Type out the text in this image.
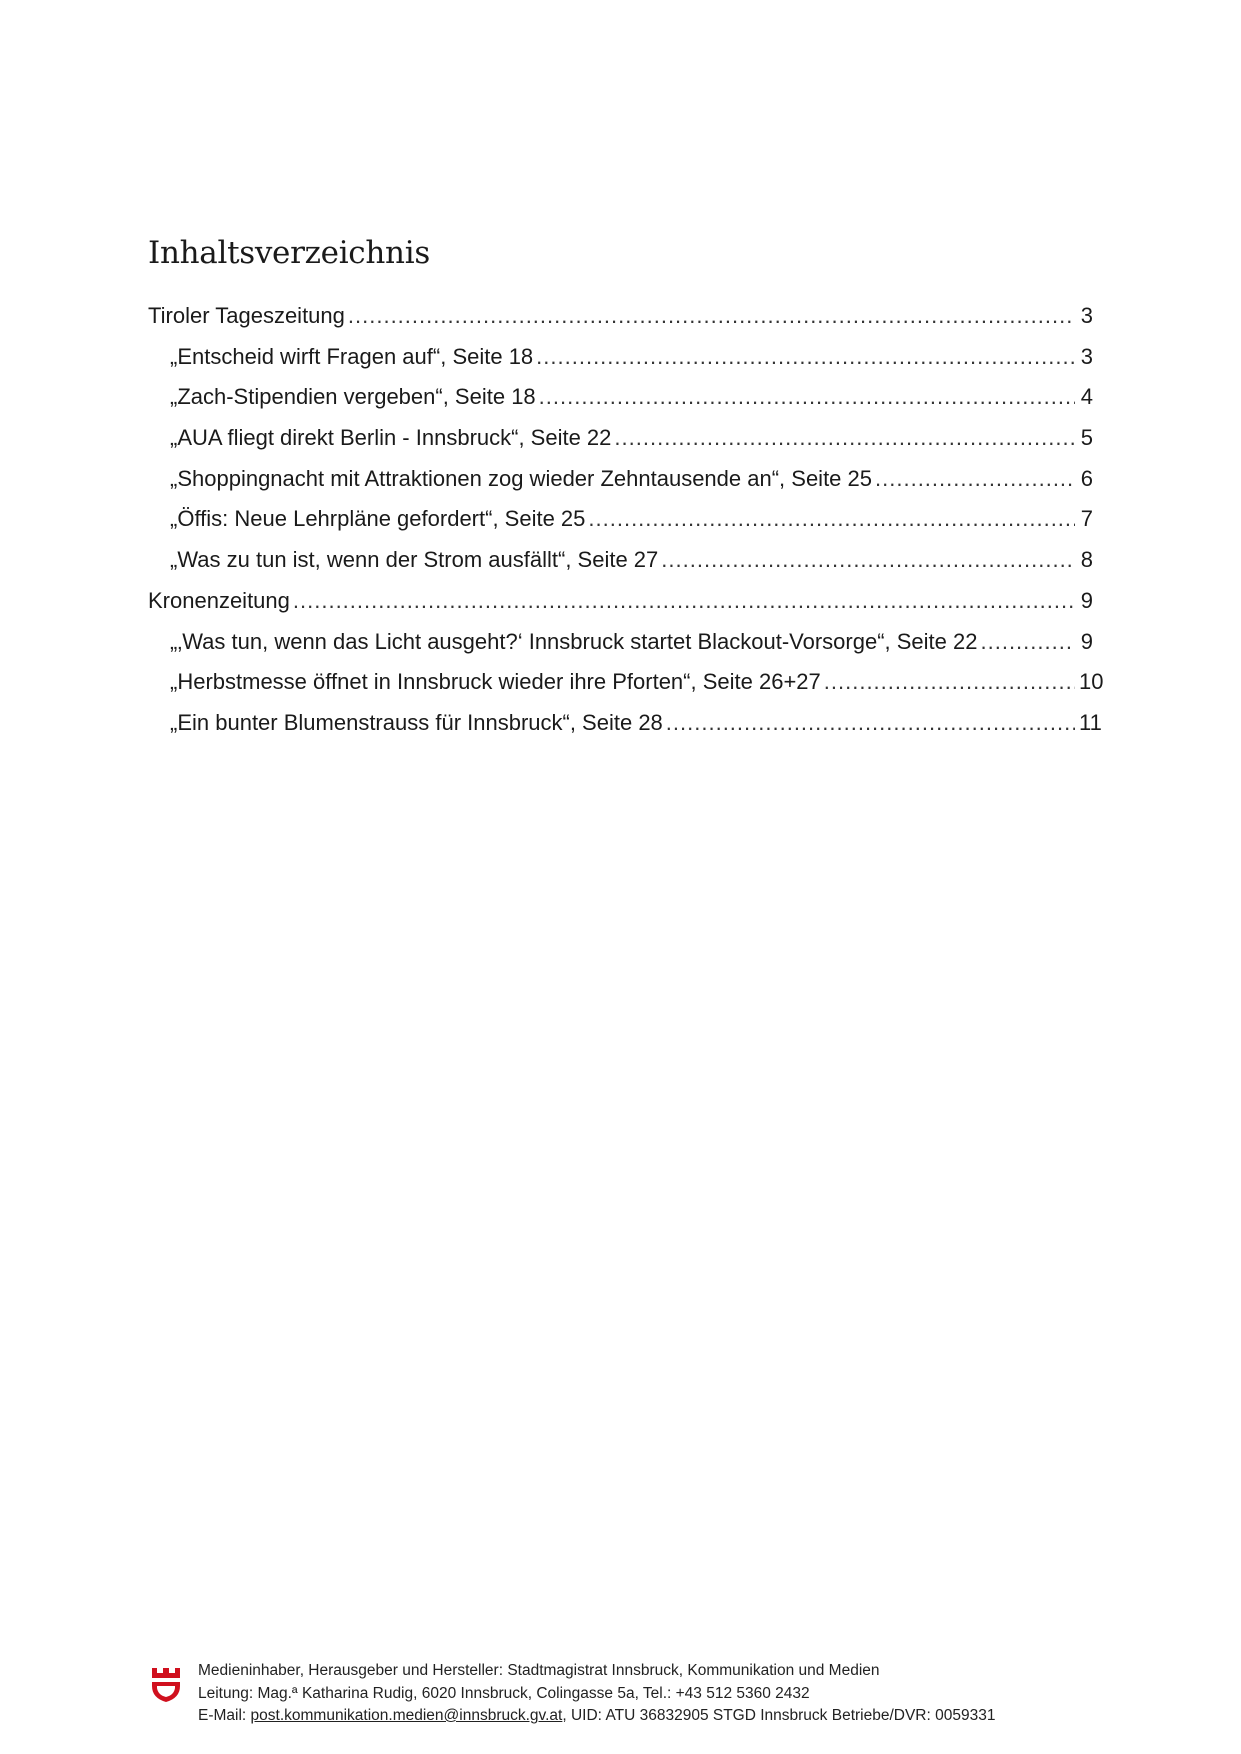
Inhaltsverzeichnis
Tiroler Tageszeitung .....	3
„Entscheid wirft Fragen auf“, Seite 18 .....	3
„Zach-Stipendien vergeben“, Seite 18 .....	4
„AUA fliegt direkt Berlin - Innsbruck“, Seite 22 .....	5
„Shoppingnacht mit Attraktionen zog wieder Zehntausende an“, Seite 25 .....	6
„Öffis: Neue Lehrpläne gefordert“, Seite 25 .....	7
„Was zu tun ist, wenn der Strom ausfällt“, Seite 27 .....	8
Kronenzeitung .....	9
„‚Was tun, wenn das Licht ausgeht?‘ Innsbruck startet Blackout-Vorsorge“, Seite 22 .....	9
„Herbstmesse öffnet in Innsbruck wieder ihre Pforten“, Seite 26+27 .....	10
„Ein bunter Blumenstrauss für Innsbruck“, Seite 28 .....	11
Medieninhaber, Herausgeber und Hersteller: Stadtmagistrat Innsbruck, Kommunikation und Medien
Leitung: Mag.ª Katharina Rudig, 6020 Innsbruck, Colingasse 5a, Tel.: +43 512 5360 2432
E-Mail: post.kommunikation.medien@innsbruck.gv.at, UID: ATU 36832905 STGD Innsbruck Betriebe/DVR: 0059331
